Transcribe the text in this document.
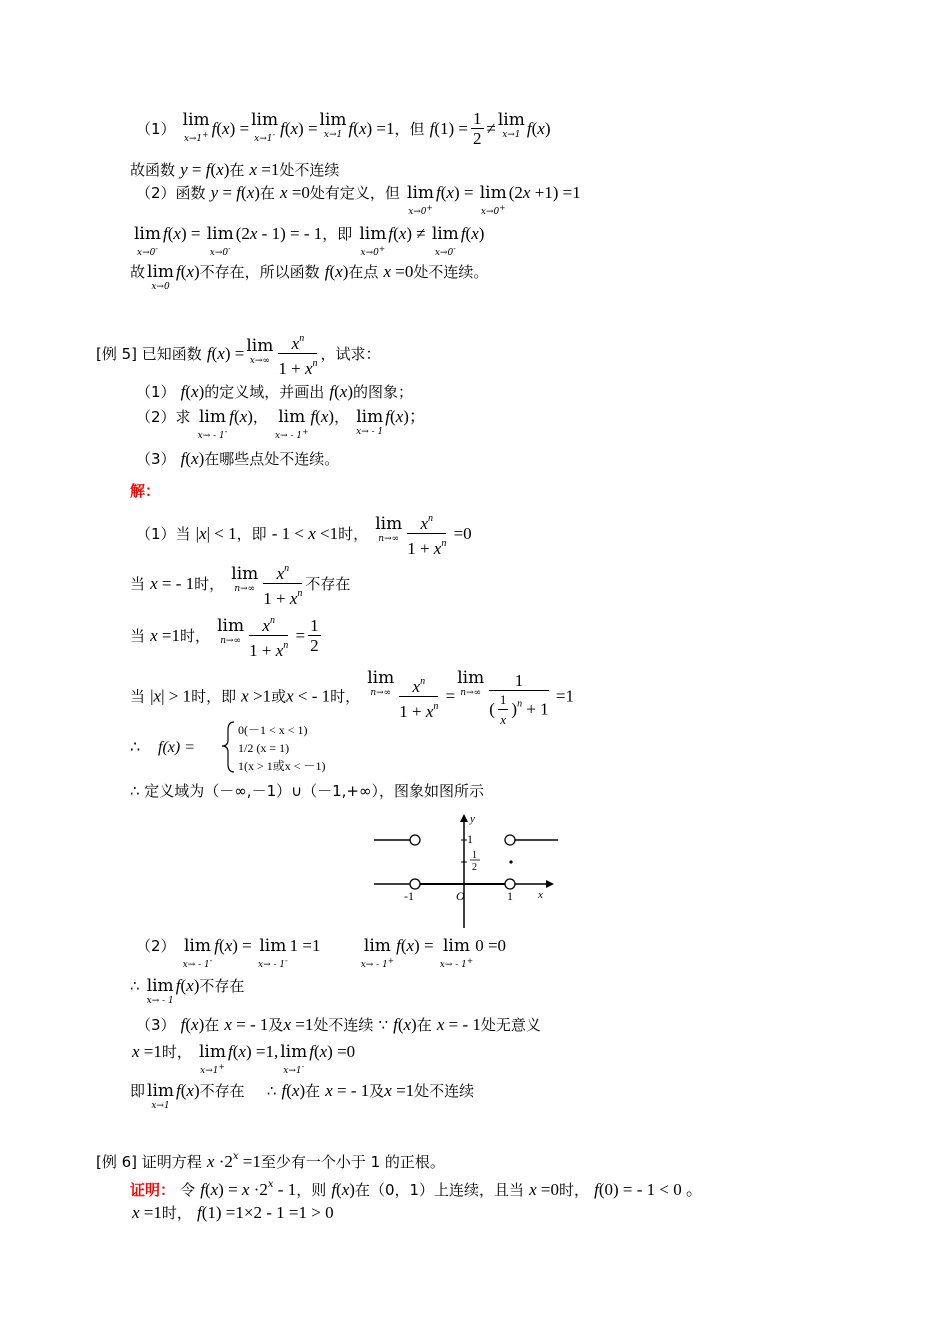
（1） lim
x→1+ f(x) = lim
x→1- f(x) = lim
x→1 f(x) =1，但 $f(1) = \frac{1}{2} \ne \lim$
x→1 f(x)
故函数 y = f(x)在 x =1处不连续
（2）函数 y = f(x)在 x =0处有定义，但 lim
x→0+
f(x) = lim
x→0+
(2x +1) =1
lim
x→0-
f(x) = lim
x→0-
(2x - 1) = - 1，即 lim
x→0+
f(x) ≠ lim
x→0-
f(x)
故 lim
x→0
f(x)不存在，所以函数 f(x)在点 x =0处不连续。
[例 5] 已知函数 f(x) = lim
$x\to\infty \frac{x^n}{1 + x^n}$ ，试求：
（1） f(x)的定义域，并画出 f(x)的图象；
（2）求 lim
x→ - 1-
f(x)， lim
x→ - 1+
f(x)， lim
x→ - 1
f(x)；
（3） f(x)在哪些点处不连续。
解：
（1）当 |x| < 1，即 - 1 < x <1时， lim
$n\to\infty \frac{x^n}{1 + x^n} =0$
当 x = - 1时， lim
$n\to\infty \frac{x^n}{1 + x^n}$ 不存在
当 x =1时， lim
$n\to\infty \frac{x^n}{1 + x^n} = \frac{1}{2}$
当 |x| > 1时，即 x >1或x < - 1时，
lim
$n\to\infty \frac{x^n}{1 + x^n}$ =
lim
$n\to\infty \frac{1}{( \frac{1}{x} )^n + 1} =1$
∴ f(x) =
0(－1 < x < 1)
1/2 (x = 1)
1(x > 1或x < －1)
∴ 定义域为（－∞,－1）∪（－1,+∞），图象如图所示
y
x
O
-1	1
1
1
2
（2） lim
x→ - 1-
f(x) = lim
x→ - 1-
1 =1	lim
x→ - 1+
f(x) = lim
x→ - 1+
0 =0
∴ lim
x→ - 1
f(x)不存在
（3） f(x)在 x = - 1及x =1处不连续 ∵ f(x)在 x = - 1处无意义
x =1时， lim
x→1+
f(x) =1, lim
x→1-
f(x) =0
即 lim
x→1
f(x)不存在 ∴ f(x)在 x = - 1及x =1处不连续
[例 6] 证明方程 $x \cdot 2^x =1$至少有一个小于 1 的正根。
证明： 令 $f(x) = x \cdot 2^x - 1$，则 f(x)在（0，1）上连续，且当 x =0时， f(0) = - 1 < 0 。
x =1时， f(1) =1×2 - 1 =1 > 0
